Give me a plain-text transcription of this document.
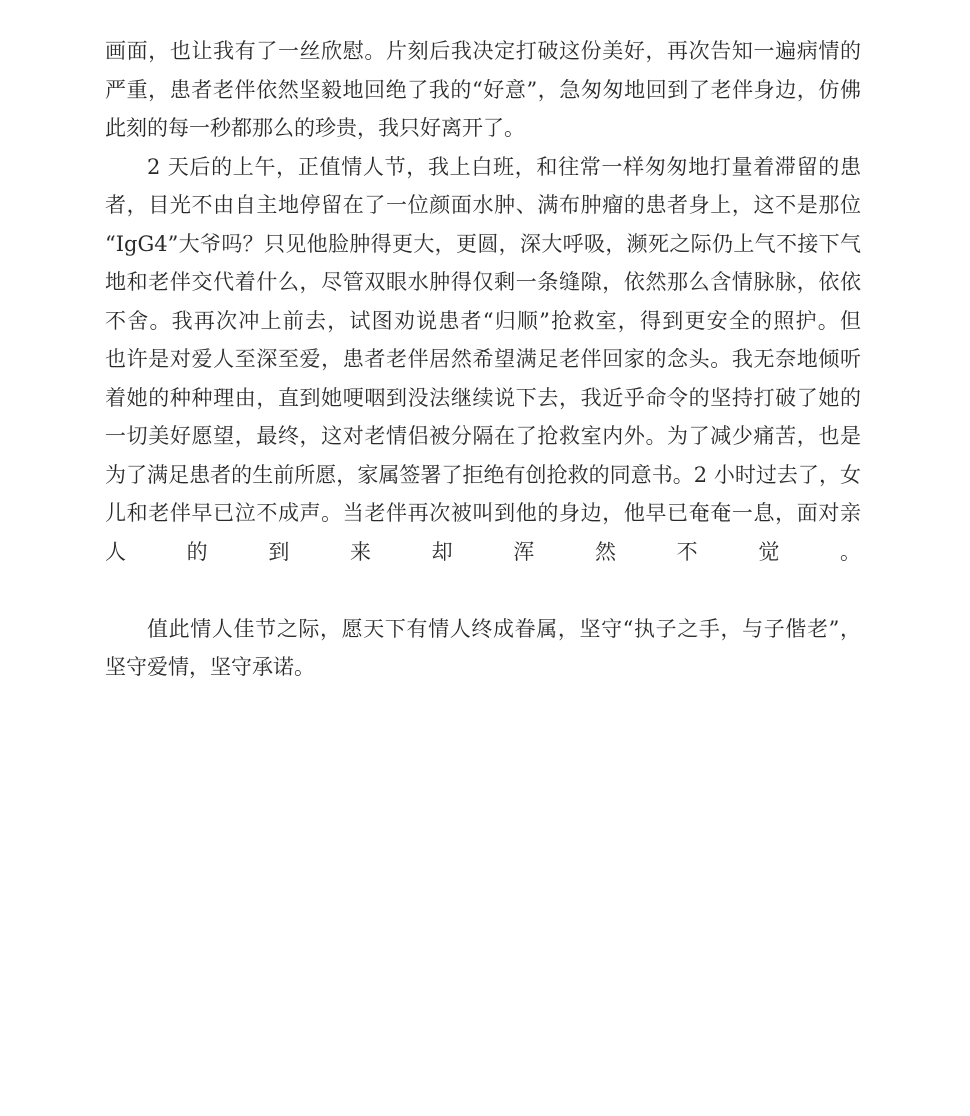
画面，也让我有了一丝欣慰。片刻后我决定打破这份美好，再次告知一遍病情的
严重，患者老伴依然坚毅地回绝了我的“好意”，急匆匆地回到了老伴身边，仿佛
此刻的每一秒都那么的珍贵，我只好离开了。
2 天后的上午，正值情人节，我上白班，和往常一样匆匆地打量着滞留的患
者，目光不由自主地停留在了一位颜面水肿、满布肿瘤的患者身上，这不是那位
“IgG4”大爷吗？只见他脸肿得更大，更圆，深大呼吸，濒死之际仍上气不接下气
地和老伴交代着什么，尽管双眼水肿得仅剩一条缝隙，依然那么含情脉脉，依依
不舍。我再次冲上前去，试图劝说患者“归顺”抢救室，得到更安全的照护。但
也许是对爱人至深至爱，患者老伴居然希望满足老伴回家的念头。我无奈地倾听
着她的种种理由，直到她哽咽到没法继续说下去，我近乎命令的坚持打破了她的
一切美好愿望，最终，这对老情侣被分隔在了抢救室内外。为了减少痛苦，也是
为了满足患者的生前所愿，家属签署了拒绝有创抢救的同意书。2 小时过去了，女
儿和老伴早已泣不成声。当老伴再次被叫到他的身边，他早已奄奄一息，面对亲
人的到来却浑然不觉。
值此情人佳节之际，愿天下有情人终成眷属，坚守“执子之手，与子偕老”，
坚守爱情，坚守承诺。
